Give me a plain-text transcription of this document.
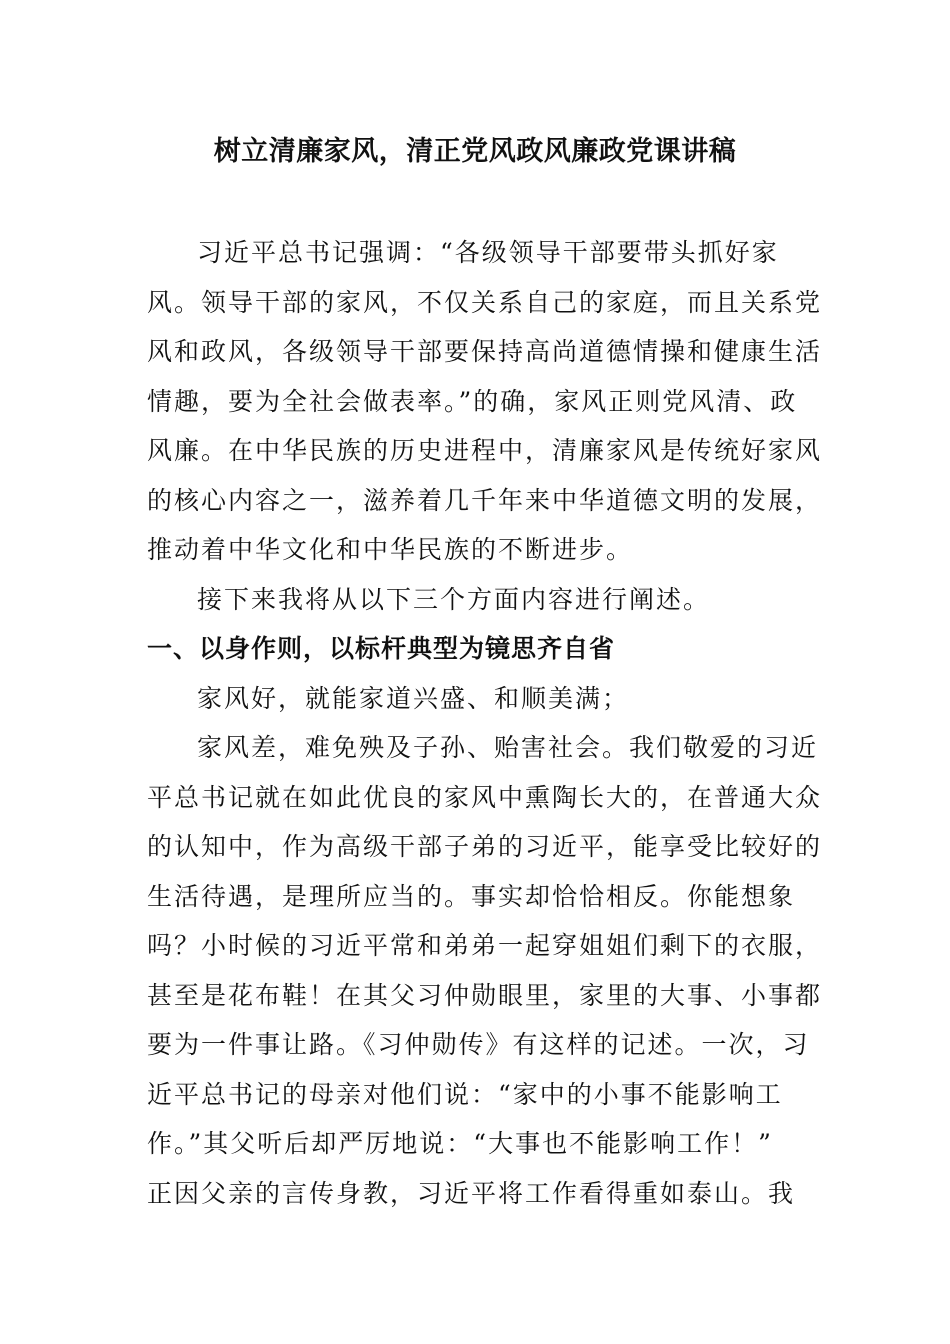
树立清廉家风，清正党风政风廉政党课讲稿
习近平总书记强调：“各级领导干部要带头抓好家
风。领导干部的家风，不仅关系自己的家庭，而且关系党
风和政风，各级领导干部要保持高尚道德情操和健康生活
情趣，要为全社会做表率。”的确，家风正则党风清、政
风廉。在中华民族的历史进程中，清廉家风是传统好家风
的核心内容之一，滋养着几千年来中华道德文明的发展，
推动着中华文化和中华民族的不断进步。
接下来我将从以下三个方面内容进行阐述。
一、以身作则，以标杆典型为镜思齐自省
家风好，就能家道兴盛、和顺美满；
家风差，难免殃及子孙、贻害社会。我们敬爱的习近
平总书记就在如此优良的家风中熏陶长大的，在普通大众
的认知中，作为高级干部子弟的习近平，能享受比较好的
生活待遇，是理所应当的。事实却恰恰相反。你能想象
吗？小时候的习近平常和弟弟一起穿姐姐们剩下的衣服，
甚至是花布鞋！在其父习仲勋眼里，家里的大事、小事都
要为一件事让路。《习仲勋传》有这样的记述。一次，习
近平总书记的母亲对他们说：“家中的小事不能影响工
作。”其父听后却严厉地说：“大事也不能影响工作！”
正因父亲的言传身教，习近平将工作看得重如泰山。我
